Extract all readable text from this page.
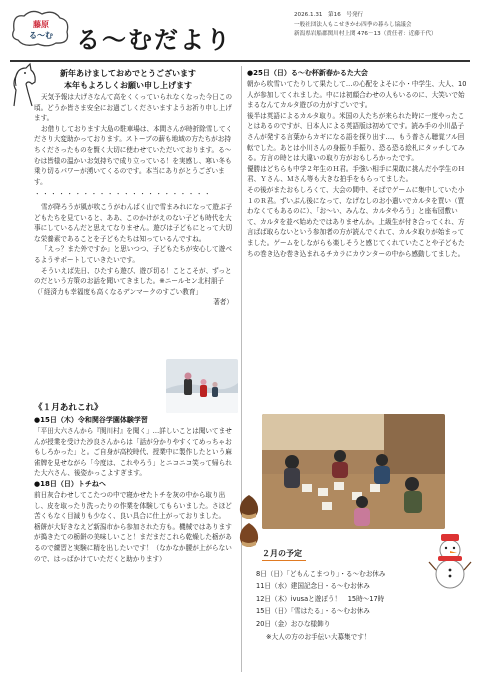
藤原
る～む る～むだより
2026.1.31　第16　号発行
一般社団法人もこせきかわ四季の暮らし協議会
新潟県岩船郡関川村上関 476－13（責任者：近藤千代）
新年あけましておめでとうございます
本年もよろしくお願い申し上げます

天気予報は大げさなんて高をくくっていられなくなった今日この頃。どうか皆さま安全にお過ごしくださいますようお祈り申し上げます。

お借りしております大島の駐車場は、本間さんが時折除雪してくださり大変助かっております。ストーブの薪も地域の方たちがお持ちくださったものを賢く大切に使わせていただいております。る～むは皆様の温かいお気持ちで成り立っている！を実感し、寒い冬も乗り切るパワーが湧いてくるのです。本当にありがとうございます。

・・・・・・・・・・・・・・・・・・・・・・

雪が降ろうが風が吹こうがわんぱく山で雪まみれになって遊ぶ子どもたちを見ていると、ああ、このかけがえのない子ども時代を大事にしているんだと思えてなりません。遊びは子どもにとって大切な栄養素であることを子どもたちは知っているんですね。

「えっ？また外ですか」と思いつつ、子どもたちが安心して遊べるようサポートしていきたいです。

そういえば先日、ひたすら遊び、遊び切る！ことこそが、ずっとのだという方策のお話を聞いてきました。※ニールセン北村朋子（「経済力も幸福度も高くなるデンマークのすごい教育」

著者）

《１月あれこれ》
●15日（木）令和関谷学園体験学習

「平田大六さんから『関川村』を聞く」…詳しいことは聞いてませんが授業を受けた沙良さんからは「話が分かりやすくてめっちゃおもしろかった」と。ご自身が高校時代、授業中に製作したという麻雀牌を見せながら「今度は、これやろう」とニコニコ笑って帰られた大六さん、後姿かっこよすぎます。

●18日（日）トチねへ

前日灰合わせしてこたつの中で寝かせたトチを灰の中から取り出し、皮を取ったり洗ったりの作業を体験してもらいました。さほど苦くもなく目減りも少なく、良い具合に仕上がっておりました。

栃餅が大好きなえど新潟市から参加された方も。機械ではありますが搗きたての栃餅の美味しいこと！まだまだこれら乾燥した栃があるので練習と実験に精を出したいです！（なかなか腰が上がらないので、はっぱかけていただくと助かります）

●25日（日）る～む杯新春かるた大会

朝から吹雪いてたりして果たして…の心配をよそに小・中学生、大人、10人が参加してくれました。中には初顔合わせの人もいるのに、大笑いで始まるなんてカルタ遊びの力がすごいです。

後半は英語によるカルタ取り。米国の人たちが来られた時に一度やったことはあるのですが、日本人による英語版は初めてです。読み手の小川晶子さんが発する言葉からカギになる語を探り出す…、もう普さん聴覚フル回転でした。あとは小川さんの身振り手振り、恐る恐る絵札にタッチしてみる。方言の時とは大違いの取り方がおもしろかったです。

優勝はどちらも中学２年生のＨ君。手強い相手に果敢に挑んだ小学生のＨ君、Ｙさん、Ｍさん等も大きな拍手をもらってました。

その後がまたおもしろくて、大会の間中、そばでゲームに集中していた小１のＲ君。ずいぶん後になって、なげなしのお小遣いでカルタを買い（買わなくてもあるのに）、「お～い、みんな、カルタやろう」と座布団敷いて、カルタを並べ始めたではありませんか。上級生が付き合ってくれ、方言ばば取らないという参加者の方が読んでくれて、カルタ取りが始まってました。ゲームをしながらも楽しそうと感じてくれていたことや子どもたちの巻き込む巻き込まれるチカラにカウンターの中から感動してました。

２月の予定
8日（日）「どもんこまつり」・る～むお休み
11日（水）建国記念日・る～むお休み
12日（木）ivusaと遊ぼう！　15時～17時
15日（日）「雪はたる」・る～むお休み
20日（金）おひな様飾り
※大人の方のお手伝い大募集です！
